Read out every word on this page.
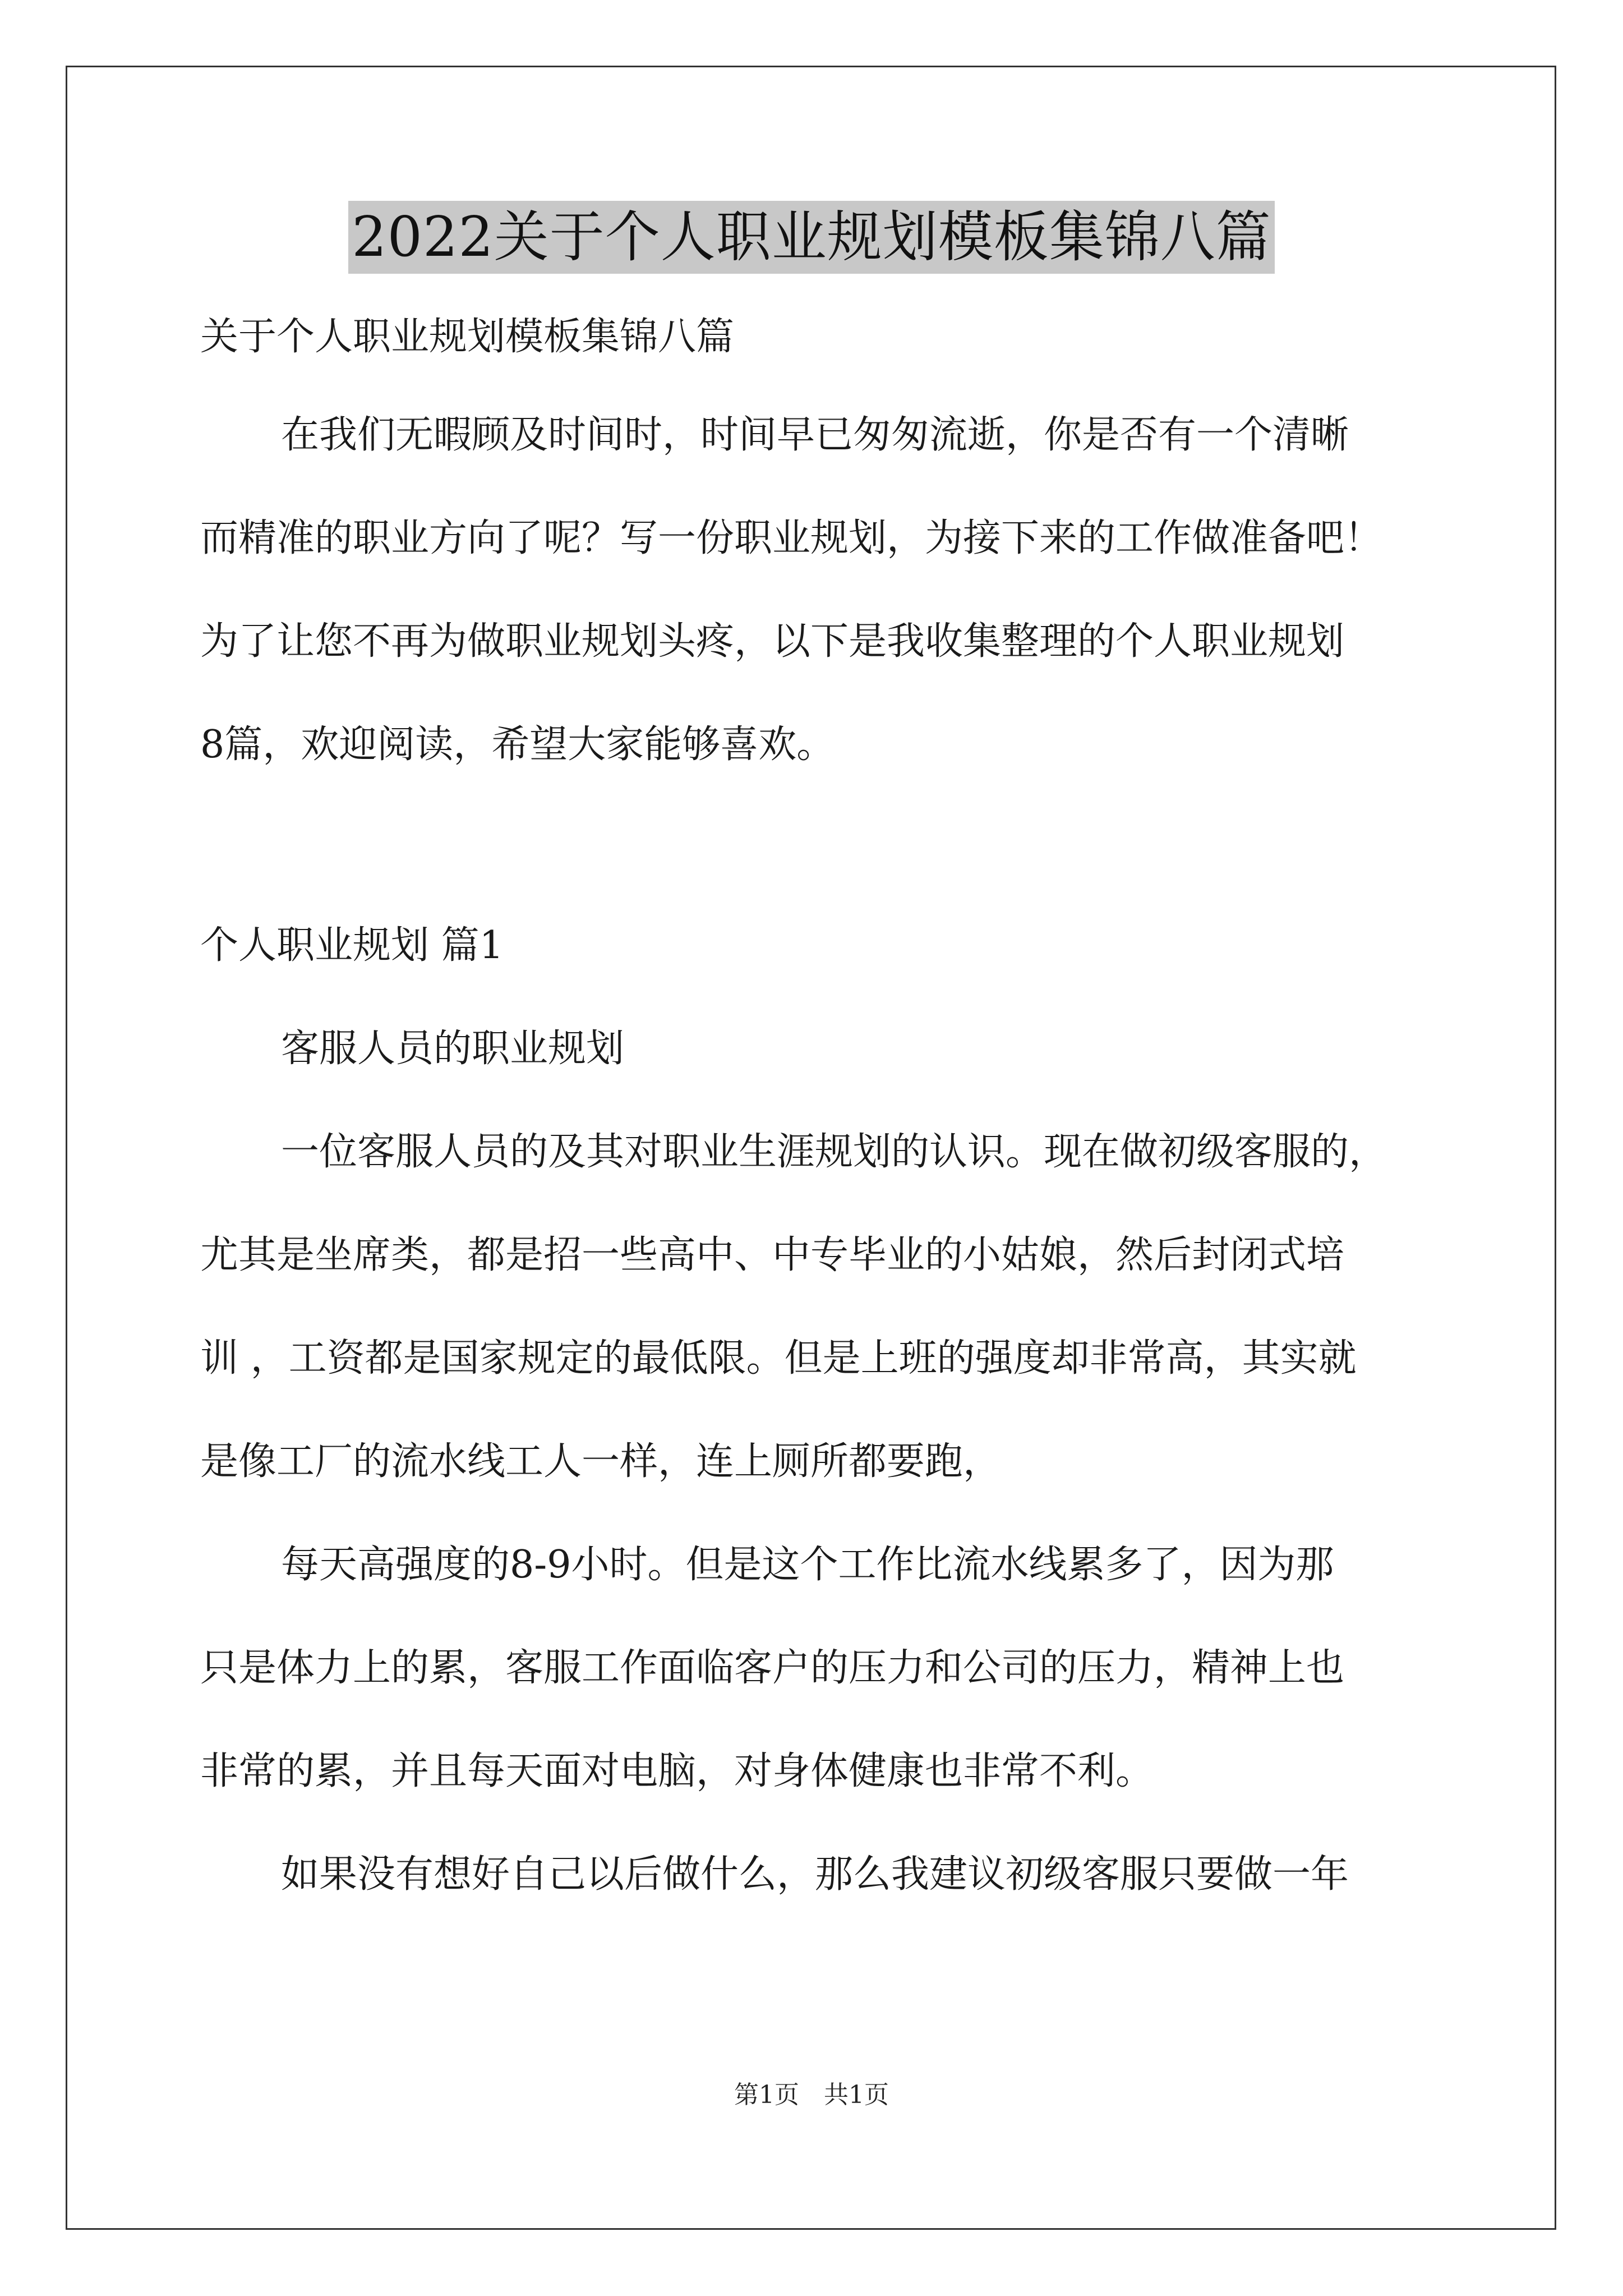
2022关于个人职业规划模板集锦八篇
关于个人职业规划模板集锦八篇
在我们无暇顾及时间时，时间早已匆匆流逝，你是否有一个清晰
而精准的职业方向了呢？写一份职业规划，为接下来的工作做准备吧！
为了让您不再为做职业规划头疼，以下是我收集整理的个人职业规划
8篇，欢迎阅读，希望大家能够喜欢。
个人职业规划 篇1
客服人员的职业规划
一位客服人员的及其对职业生涯规划的认识。现在做初级客服的，
尤其是坐席类，都是招一些高中、中专毕业的小姑娘，然后封闭式培
训 ，工资都是国家规定的最低限。但是上班的强度却非常高，其实就
是像工厂的流水线工人一样，连上厕所都要跑，
每天高强度的8-9小时。但是这个工作比流水线累多了，因为那
只是体力上的累，客服工作面临客户的压力和公司的压力，精神上也
非常的累，并且每天面对电脑，对身体健康也非常不利。
如果没有想好自己以后做什么，那么我建议初级客服只要做一年
第1页　共1页
